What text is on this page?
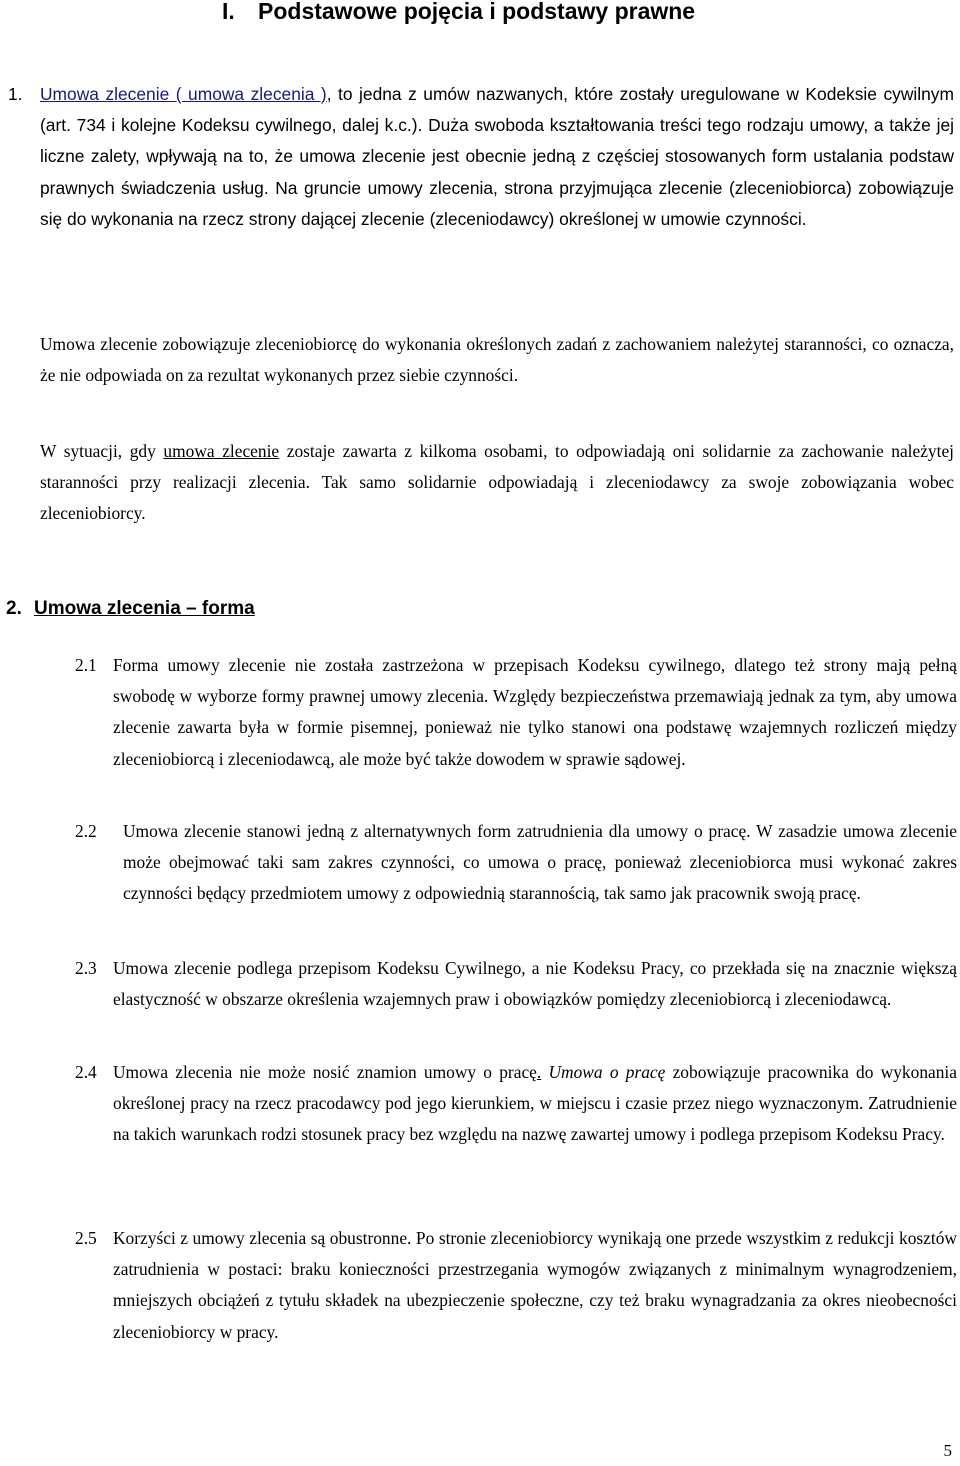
I. Podstawowe pojęcia i podstawy prawne
1. Umowa zlecenie ( umowa zlecenia ), to jedna z umów nazwanych, które zostały uregulowane w Kodeksie cywilnym (art. 734 i kolejne Kodeksu cywilnego, dalej k.c.). Duża swoboda kształtowania treści tego rodzaju umowy, a także jej liczne zalety, wpływają na to, że umowa zlecenie jest obecnie jedną z częściej stosowanych form ustalania podstaw prawnych świadczenia usług. Na gruncie umowy zlecenia, strona przyjmująca zlecenie (zleceniobiorca) zobowiązuje się do wykonania na rzecz strony dającej zlecenie (zleceniodawcy) określonej w umowie czynności.

Umowa zlecenie zobowiązuje zleceniobiorcę do wykonania określonych zadań z zachowaniem należytej staranności, co oznacza, że nie odpowiada on za rezultat wykonanych przez siebie czynności.

W sytuacji, gdy umowa zlecenie zostaje zawarta z kilkoma osobami, to odpowiadają oni solidarnie za zachowanie należytej staranności przy realizacji zlecenia. Tak samo solidarnie odpowiadają i zleceniodawcy za swoje zobowiązania wobec zleceniobiorcy.

2. Umowa zlecenia – forma
2.1 Forma umowy zlecenie nie została zastrzeżona w przepisach Kodeksu cywilnego, dlatego też strony mają pełną swobodę w wyborze formy prawnej umowy zlecenia. Względy bezpieczeństwa przemawiają jednak za tym, aby umowa zlecenie zawarta była w formie pisemnej, ponieważ nie tylko stanowi ona podstawę wzajemnych rozliczeń między zleceniobiorcą i zleceniodawcą, ale może być także dowodem w sprawie sądowej.
2.2	Umowa zlecenie stanowi jedną z alternatywnych form zatrudnienia dla umowy o pracę. W zasadzie umowa zlecenie może obejmować taki sam zakres czynności, co umowa o pracę, ponieważ zleceniobiorca musi wykonać zakres czynności będący przedmiotem umowy z odpowiednią starannością, tak samo jak pracownik swoją pracę.
2.3 Umowa zlecenie podlega przepisom Kodeksu Cywilnego, a nie Kodeksu Pracy, co przekłada się na znacznie większą elastyczność w obszarze określenia wzajemnych praw i obowiązków pomiędzy zleceniobiorcą i zleceniodawcą.
2.4 Umowa zlecenia nie może nosić znamion umowy o pracę. Umowa o pracę zobowiązuje pracownika do wykonania określonej pracy na rzecz pracodawcy pod jego kierunkiem, w miejscu i czasie przez niego wyznaczonym. Zatrudnienie na takich warunkach rodzi stosunek pracy bez względu na nazwę zawartej umowy i podlega przepisom Kodeksu Pracy.
2.5 Korzyści z umowy zlecenia są obustronne. Po stronie zleceniobiorcy wynikają one przede wszystkim z redukcji kosztów zatrudnienia w postaci: braku konieczności przestrzegania wymogów związanych z minimalnym wynagrodzeniem, mniejszych obciążeń z tytułu składek na ubezpieczenie społeczne, czy też braku wynagradzania za okres nieobecności zleceniobiorcy w pracy.
5
